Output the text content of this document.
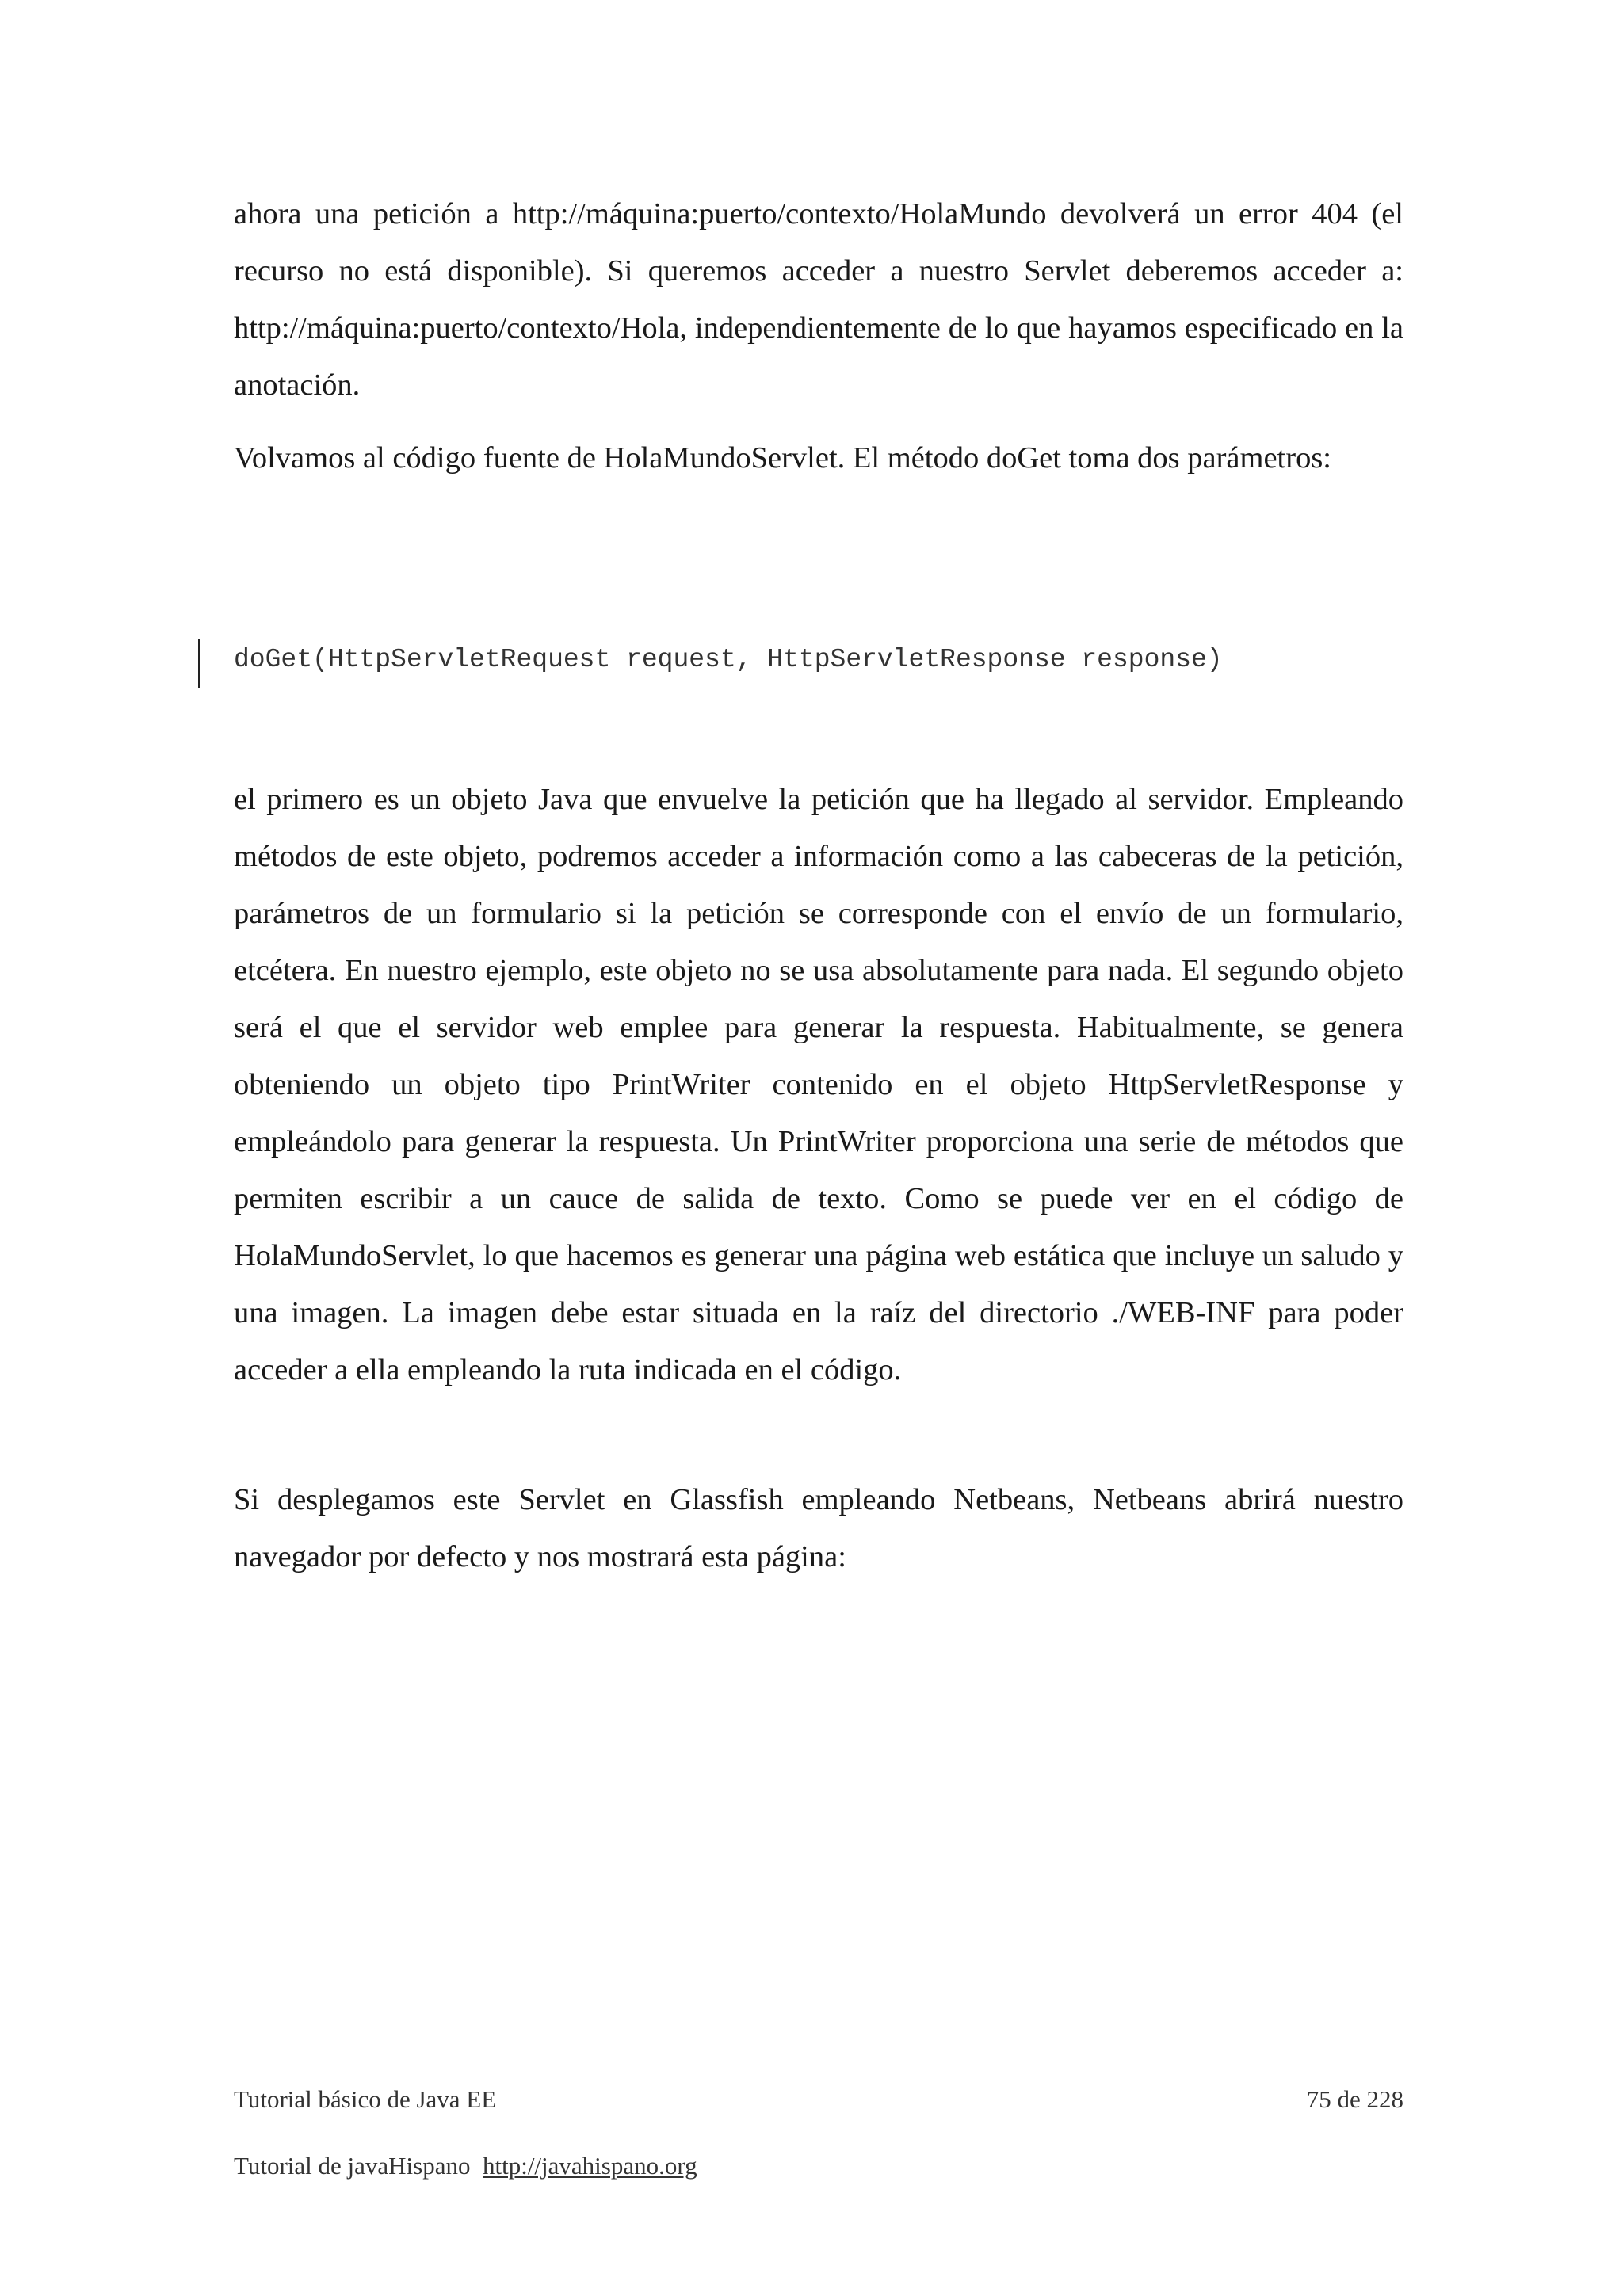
ahora una petición a http://máquina:puerto/contexto/HolaMundo devolverá un error 404 (el recurso no está disponible). Si queremos acceder a nuestro Servlet deberemos acceder a: http://máquina:puerto/contexto/Hola, independientemente de lo que hayamos especificado en la anotación.

Volvamos al código fuente de HolaMundoServlet. El método doGet toma dos parámetros:

doGet(HttpServletRequest request, HttpServletResponse response)

el primero es un objeto Java que envuelve la petición que ha llegado al servidor. Empleando métodos de este objeto, podremos acceder a información como a las cabeceras de la petición, parámetros de un formulario si la petición se corresponde con el envío de un formulario, etcétera. En nuestro ejemplo, este objeto no se usa absolutamente para nada. El segundo objeto será el que el servidor web emplee para generar la respuesta. Habitualmente, se genera obteniendo un objeto tipo PrintWriter contenido en el objeto HttpServletResponse y empleándolo para generar la respuesta. Un PrintWriter proporciona una serie de métodos que permiten escribir a un cauce de salida de texto. Como se puede ver en el código de HolaMundoServlet, lo que hacemos es generar una página web estática que incluye un saludo y una imagen. La imagen debe estar situada en la raíz del directorio ./WEB-INF para poder acceder a ella empleando la ruta indicada en el código.

Si desplegamos este Servlet en Glassfish empleando Netbeans, Netbeans abrirá nuestro navegador por defecto y nos mostrará esta página:

Tutorial básico de Java EE	75 de 228
Tutorial de javaHispano http://javahispano.org
